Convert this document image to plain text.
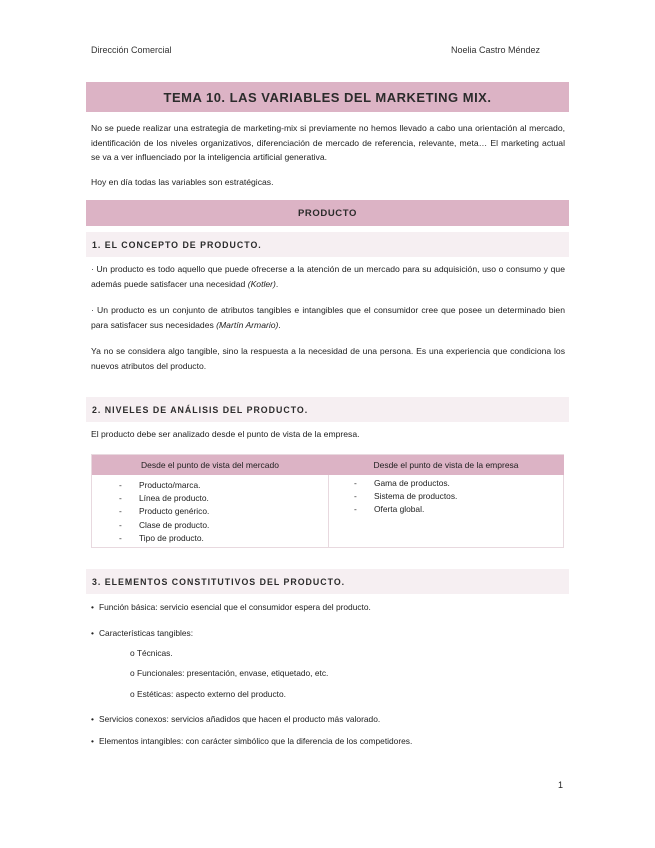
Dirección Comercial	Noelia Castro Méndez
TEMA 10. LAS VARIABLES DEL MARKETING MIX.
No se puede realizar una estrategia de marketing-mix si previamente no hemos llevado a cabo una orientación al mercado, identificación de los niveles organizativos, diferenciación de mercado de referencia, relevante, meta… El marketing actual se va a ver influenciado por la inteligencia artificial generativa.
Hoy en día todas las variables son estratégicas.
PRODUCTO
1. EL CONCEPTO DE PRODUCTO.
· Un producto es todo aquello que puede ofrecerse a la atención de un mercado para su adquisición, uso o consumo y que además puede satisfacer una necesidad (Kotler).
· Un producto es un conjunto de atributos tangibles e intangibles que el consumidor cree que posee un determinado bien para satisfacer sus necesidades (Martín Armario).
Ya no se considera algo tangible, sino la respuesta a la necesidad de una persona. Es una experiencia que condiciona los nuevos atributos del producto.
2. NIVELES DE ANÁLISIS DEL PRODUCTO.
El producto debe ser analizado desde el punto de vista de la empresa.
Desde el punto de vista del mercado	Desde el punto de vista de la empresa
- Producto/marca.
- Línea de producto.
- Producto genérico.
- Clase de producto.
- Tipo de producto.
- Gama de productos.
- Sistema de productos.
- Oferta global.
3. ELEMENTOS CONSTITUTIVOS DEL PRODUCTO.
• Función básica: servicio esencial que el consumidor espera del producto.
• Características tangibles:
o Técnicas.
o Funcionales: presentación, envase, etiquetado, etc.
o Estéticas: aspecto externo del producto.
• Servicios conexos: servicios añadidos que hacen el producto más valorado.
• Elementos intangibles: con carácter simbólico que la diferencia de los competidores.
1
